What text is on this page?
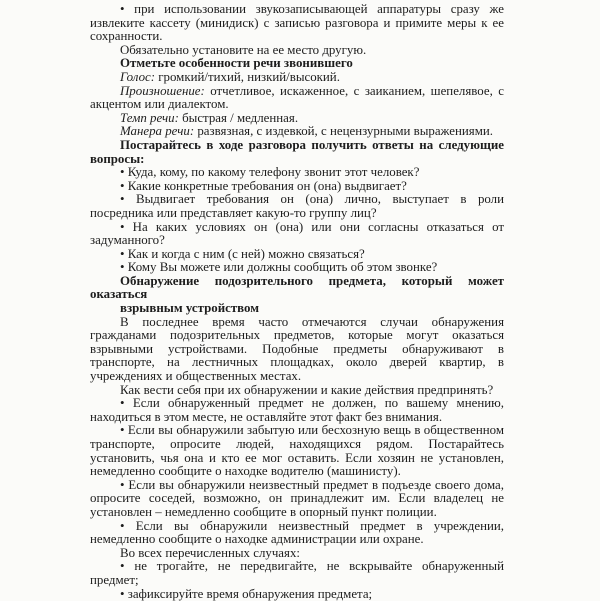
• при использовании звукозаписывающей аппаратуры сразу же извлеките кассету (минидиск) с записью разговора и примите меры к ее сохранности.

Обязательно установите на ее место другую.

Отметьте особенности речи звонившего

Голос: громкий/тихий, низкий/высокий.

Произношение: отчетливое, искаженное, с заиканием, шепелявое, с акцентом или диалектом.

Темп речи: быстрая / медленная.

Манера речи: развязная, с издевкой, с нецензурными выражениями.

Постарайтесь в ходе разговора получить ответы на следующие вопросы:

• Куда, кому, по какому телефону звонит этот человек?

• Какие конкретные требования он (она) выдвигает?

• Выдвигает требования он (она) лично, выступает в роли посредника или представляет какую-то группу лиц?

• На каких условиях он (она) или они согласны отказаться от задуманного?

• Как и когда с ним (с ней) можно связаться?

• Кому Вы можете или должны сообщить об этом звонке?

Обнаружение подозрительного предмета, который может оказаться

взрывным устройством

В последнее время часто отмечаются случаи обнаружения гражданами подозрительных предметов, которые могут оказаться взрывными устройствами. Подобные предметы обнаруживают в транспорте, на лестничных площадках, около дверей квартир, в учреждениях и общественных местах.

Как вести себя при их обнаружении и какие действия предпринять?

• Если обнаруженный предмет не должен, по вашему мнению, находиться в этом месте, не оставляйте этот факт без внимания.

• Если вы обнаружили забытую или бесхозную вещь в общественном транспорте, опросите людей, находящихся рядом. Постарайтесь установить, чья она и кто ее мог оставить. Если хозяин не установлен, немедленно сообщите о находке водителю (машинисту).

• Если вы обнаружили неизвестный предмет в подъезде своего дома, опросите соседей, возможно, он принадлежит им. Если владелец не установлен – немедленно сообщите в опорный пункт полиции.

• Если вы обнаружили неизвестный предмет в учреждении, немедленно сообщите о находке администрации или охране.

Во всех перечисленных случаях:

• не трогайте, не передвигайте, не вскрывайте обнаруженный предмет;

• зафиксируйте время обнаружения предмета;
